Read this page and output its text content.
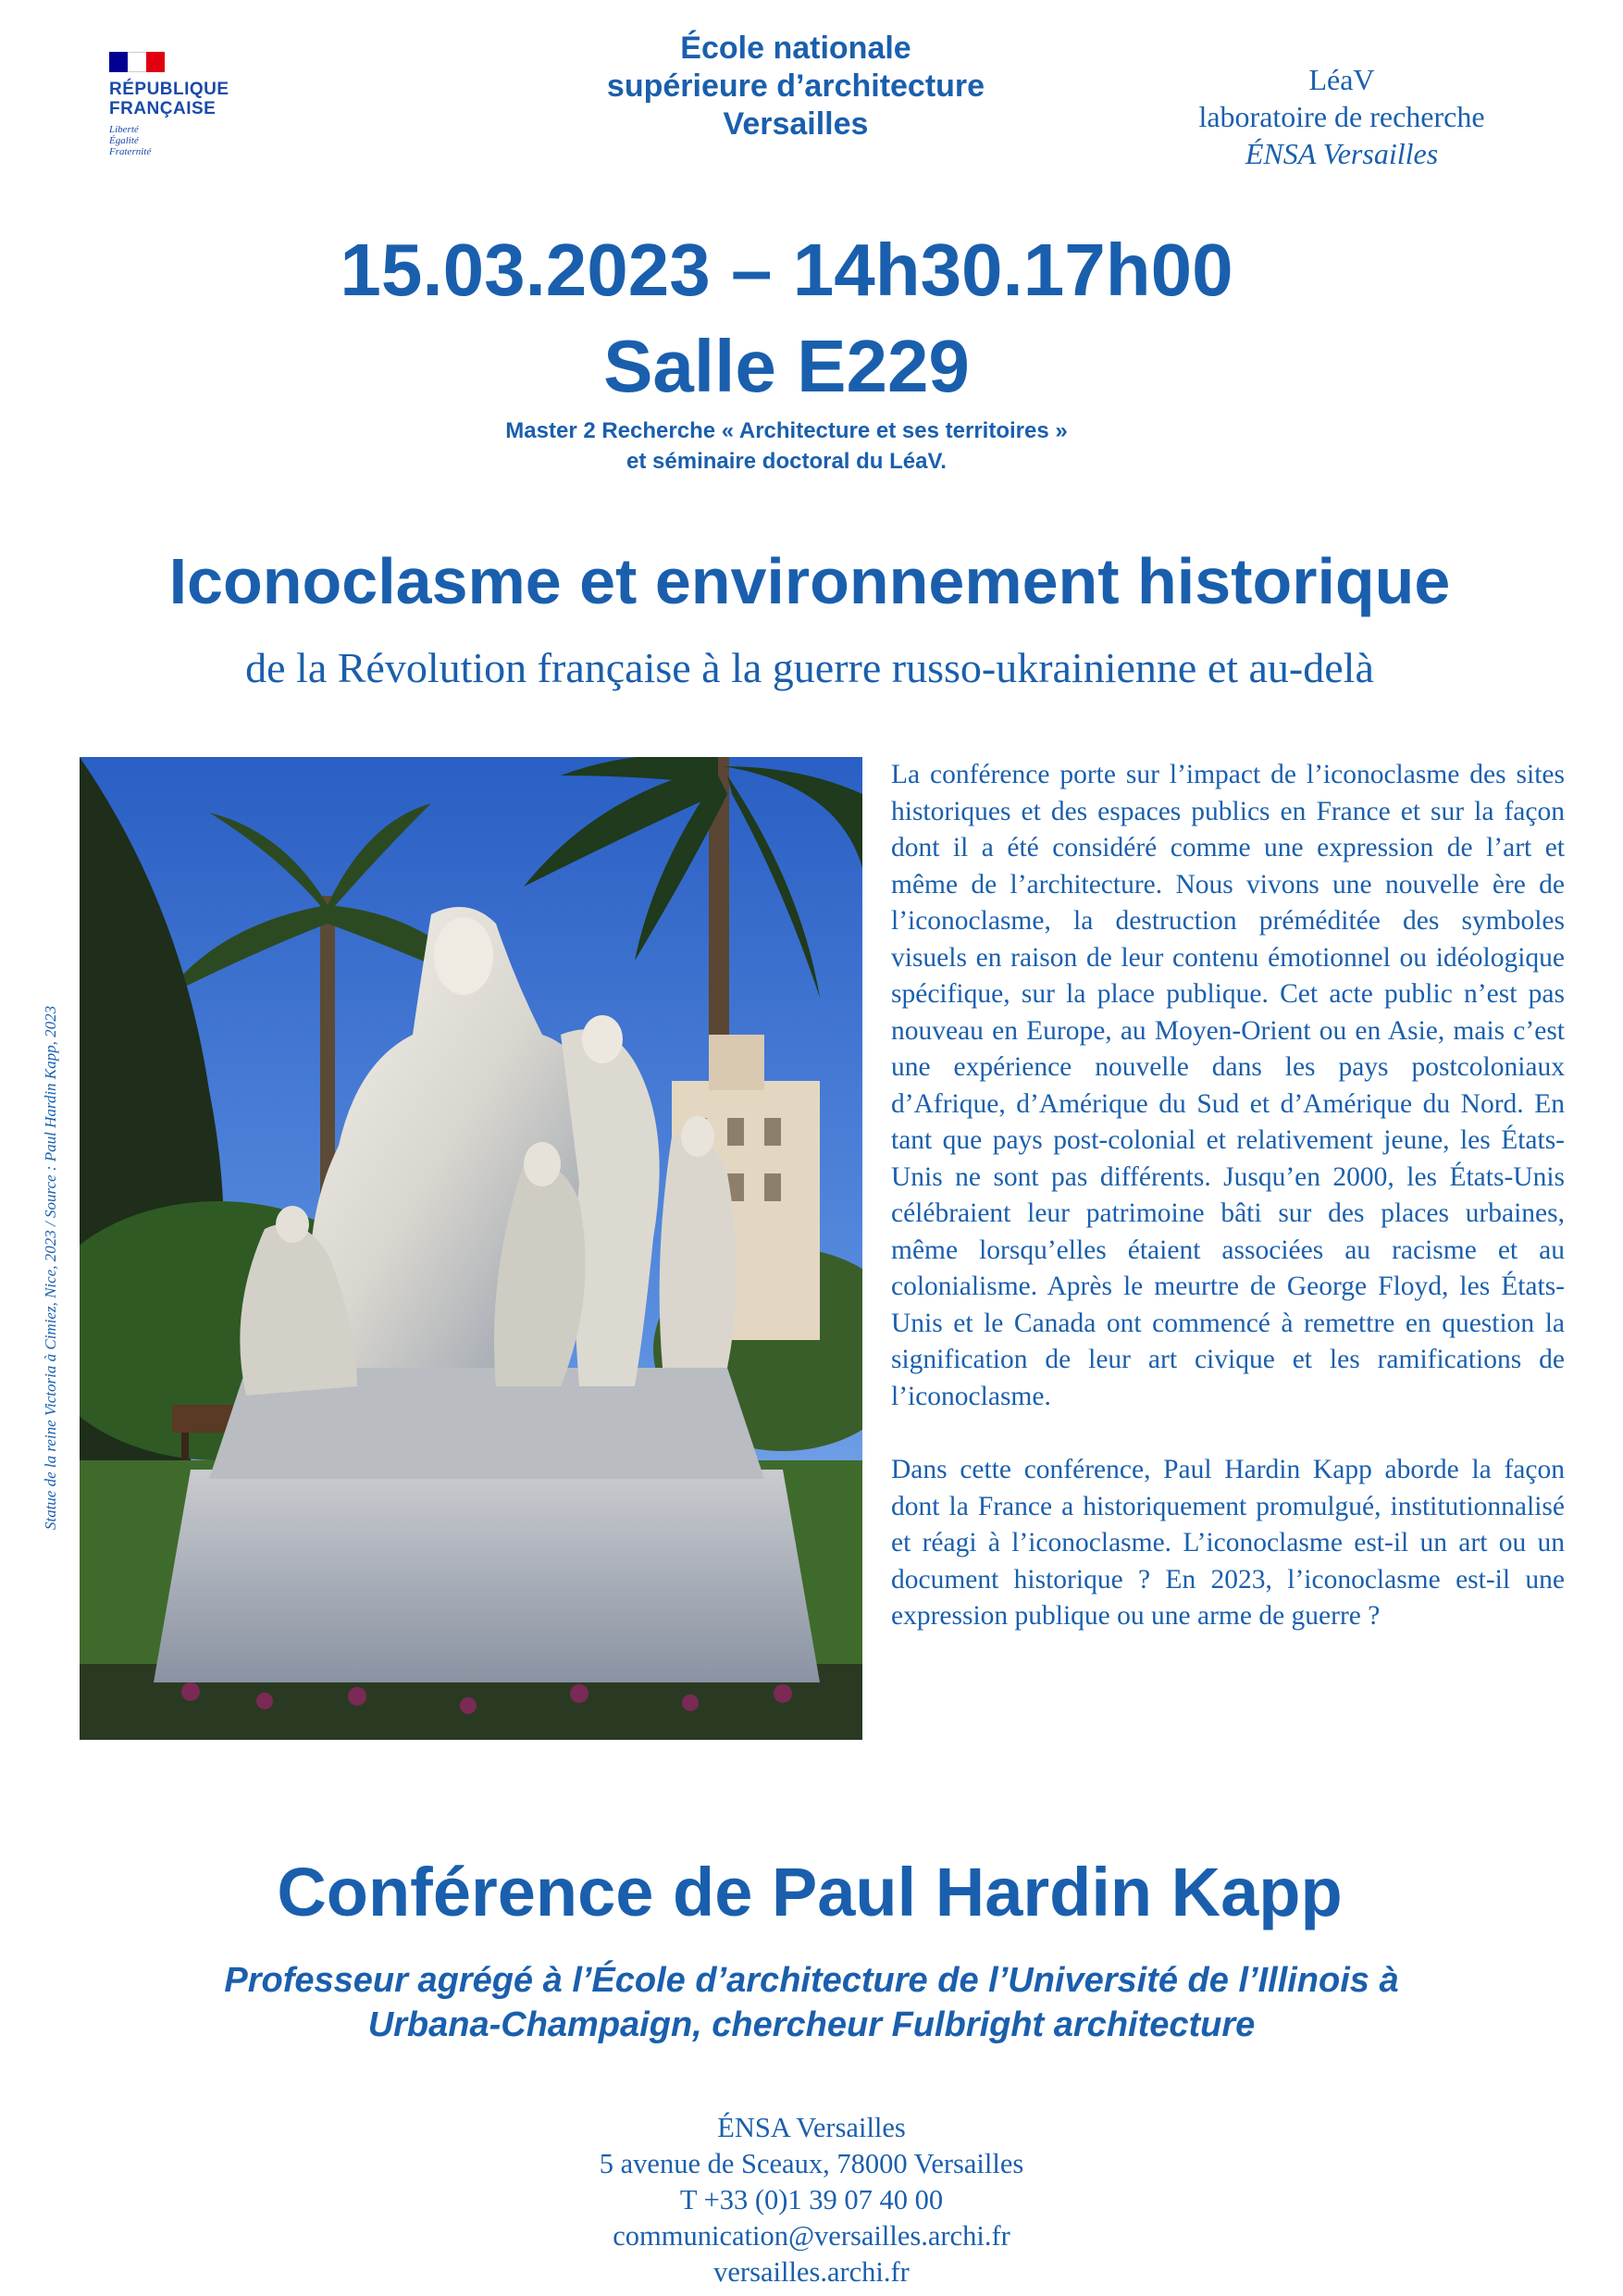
RÉPUBLIQUE
FRANÇAISE
Liberté
Égalité
Fraternité
École nationale
supérieure d’architecture
Versailles
LéaV
laboratoire de recherche
ÉNSA Versailles
15.03.2023 – 14h30.17h00
Salle E229
Master 2 Recherche « Architecture et ses territoires »
et séminaire doctoral du LéaV.
Iconoclasme et environnement historique
de la Révolution française à la guerre russo-ukrainienne et au-delà
Statue de la reine Victoria à Cimiez, Nice, 2023 / Source : Paul Hardin Kapp, 2023

La conférence porte sur l’impact de l’iconoclasme des sites historiques et des espaces publics en France et sur la façon dont il a été considéré comme une expression de l’art et même de l’architecture. Nous vivons une nouvelle ère de l’iconoclasme, la destruction préméditée des symboles visuels en raison de leur contenu émotionnel ou idéologique spécifique, sur la place publique. Cet acte public n’est pas nouveau en Europe, au Moyen-Orient ou en Asie, mais c’est une expérience nouvelle dans les pays postcoloniaux d’Afrique, d’Amérique du Sud et d’Amérique du Nord. En tant que pays post-colonial et relativement jeune, les États-Unis ne sont pas différents. Jusqu’en 2000, les États-Unis célébraient leur patrimoine bâti sur des places urbaines, même lorsqu’elles étaient associées au racisme et au colonialisme. Après le meurtre de George Floyd, les États-Unis et le Canada ont commencé à remettre en question la signification de leur art civique et les ramifications de l’iconoclasme.

Dans cette conférence, Paul Hardin Kapp aborde la façon dont la France a historiquement promulgué, institutionnalisé et réagi à l’iconoclasme. L’iconoclasme est-il un art ou un document historique ? En 2023, l’iconoclasme est-il une expression publique ou une arme de guerre ?

Conférence de Paul Hardin Kapp
Professeur agrégé à l’École d’architecture de l’Université de l’Illinois à
Urbana-Champaign, chercheur Fulbright architecture
ÉNSA Versailles
5 avenue de Sceaux, 78000 Versailles
T +33 (0)1 39 07 40 00
communication@versailles.archi.fr
versailles.archi.fr
